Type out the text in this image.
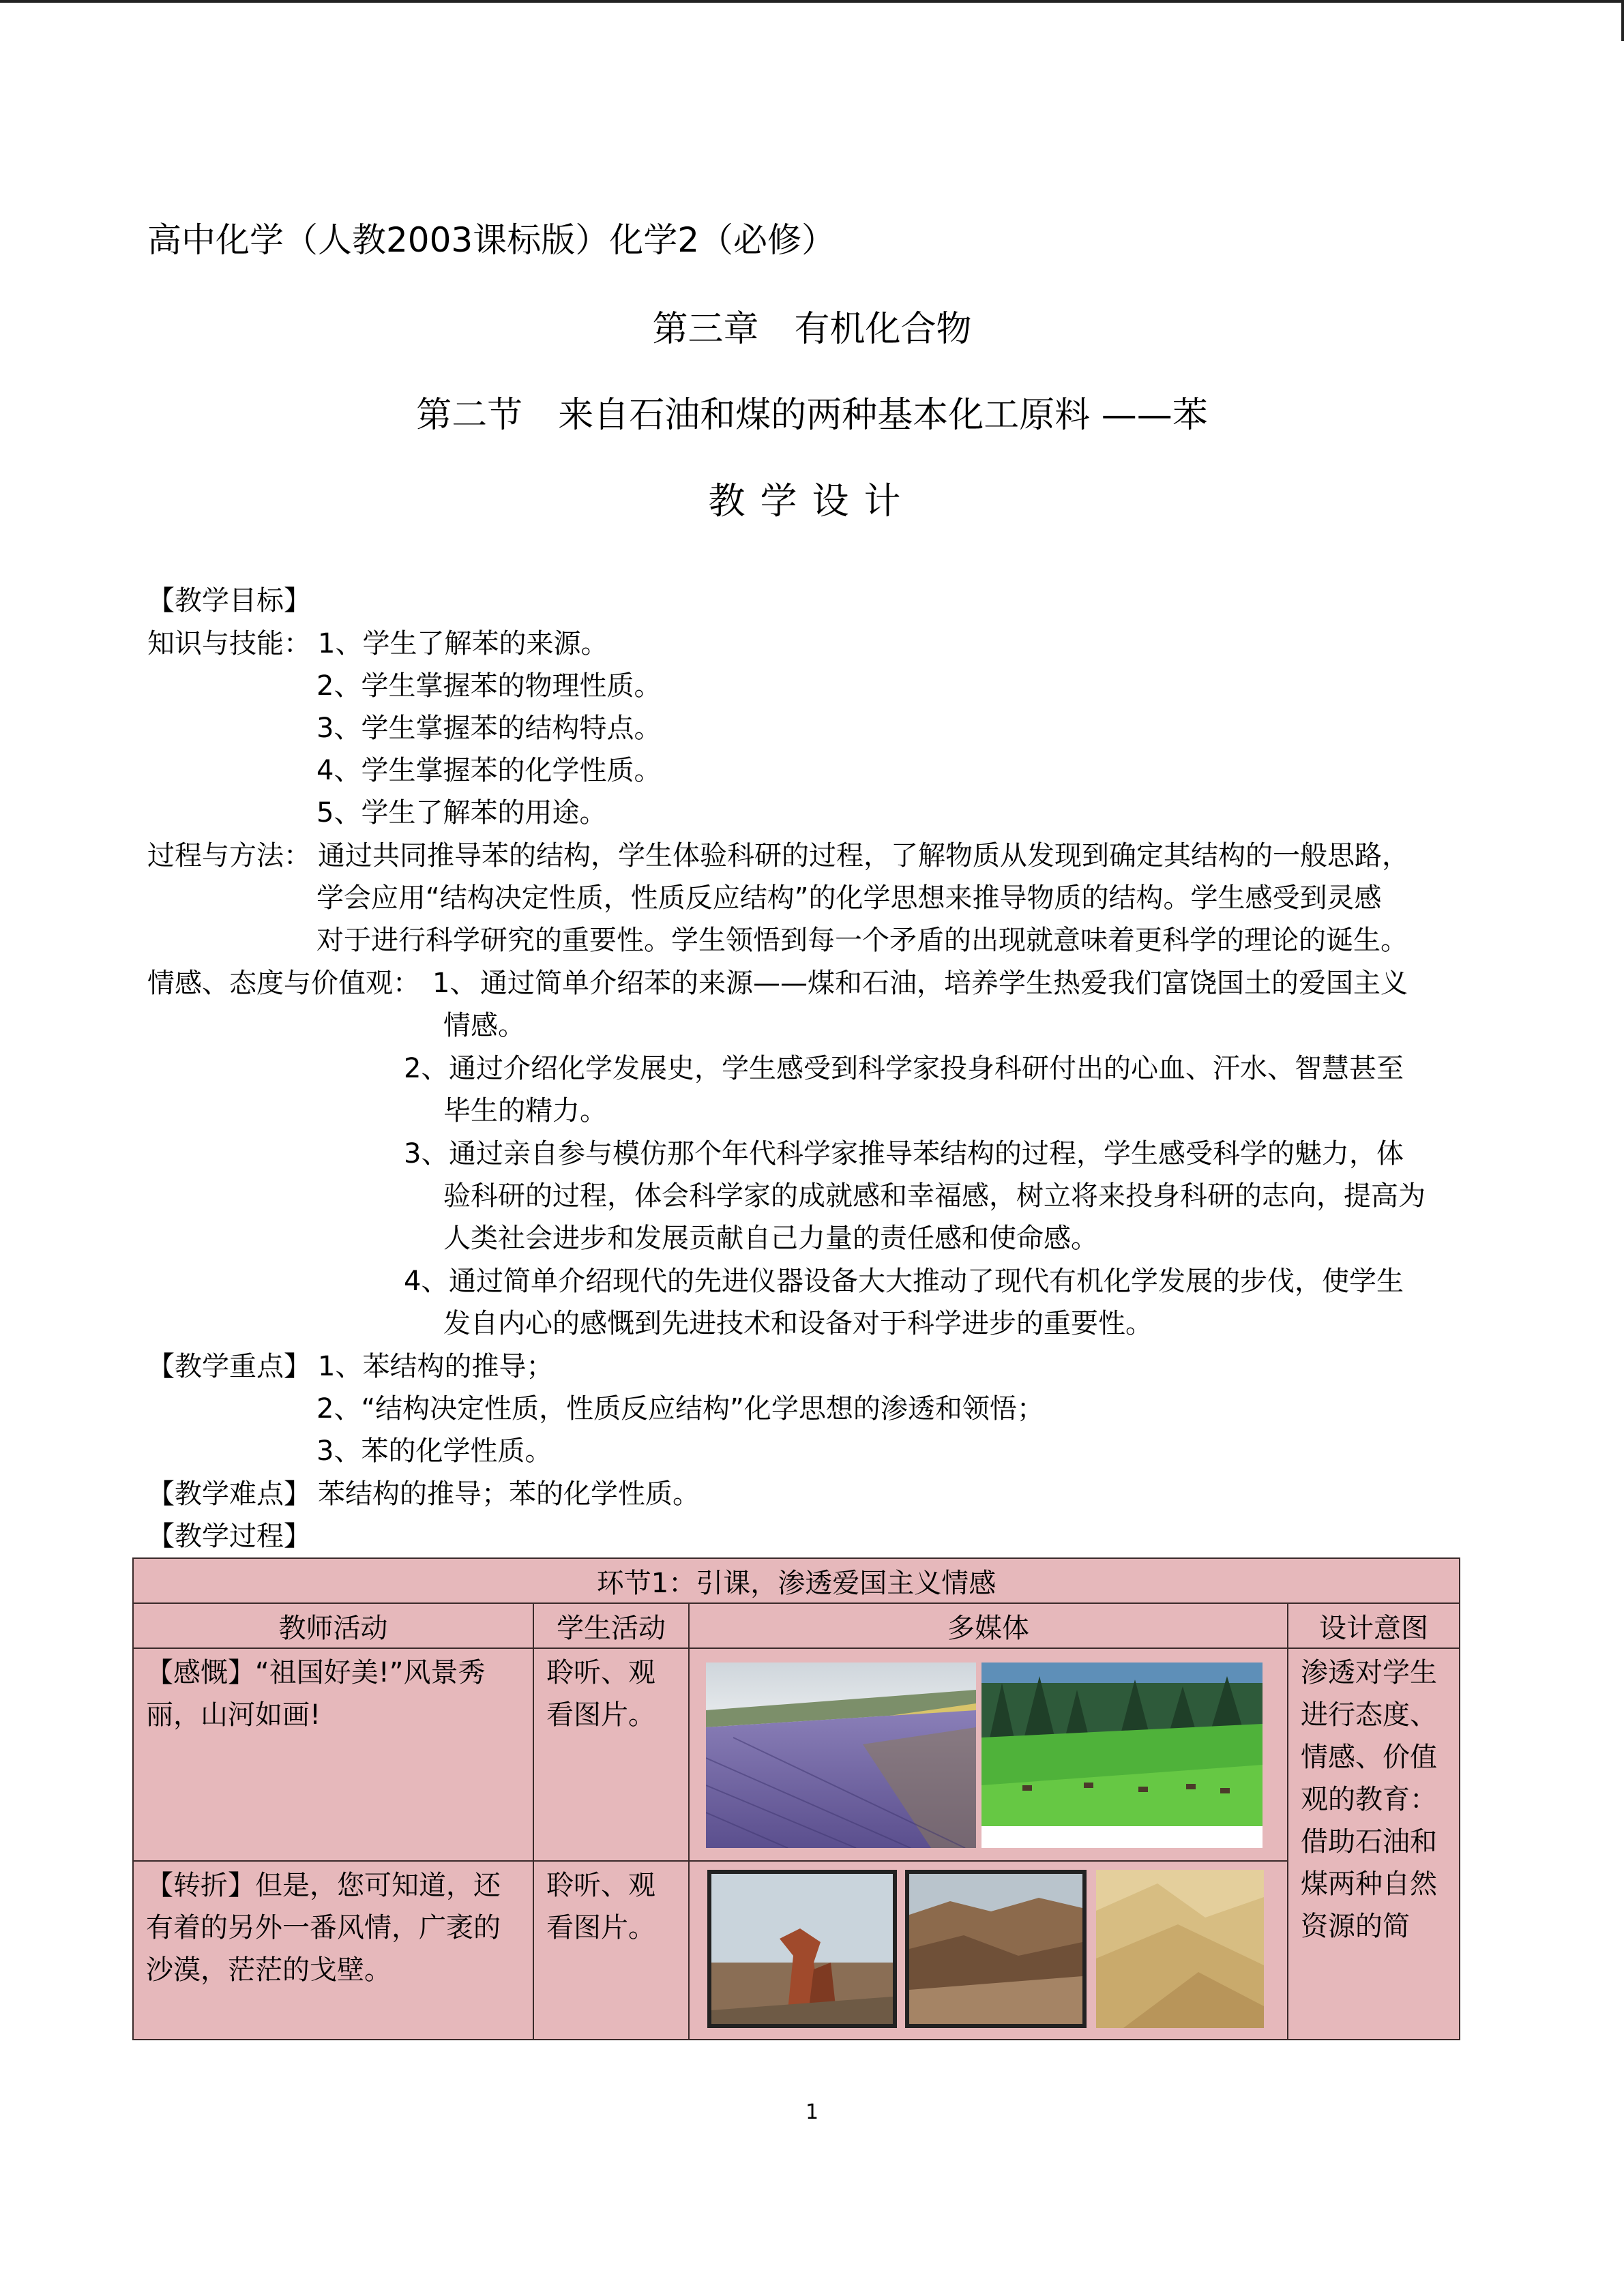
高中化学（人教2003课标版）化学2（必修）
第三章　有机化合物
第二节　来自石油和煤的两种基本化工原料 ——苯
教学设计
【教学目标】
知识与技能： 1、学生了解苯的来源。
2、学生掌握苯的物理性质。
3、学生掌握苯的结构特点。
4、学生掌握苯的化学性质。
5、学生了解苯的用途。
过程与方法： 通过共同推导苯的结构，学生体验科研的过程，了解物质从发现到确定其结构的一般思路，
学会应用“结构决定性质，性质反应结构”的化学思想来推导物质的结构。学生感受到灵感
对于进行科学研究的重要性。学生领悟到每一个矛盾的出现就意味着更科学的理论的诞生。
情感、态度与价值观： 1、 通过简单介绍苯的来源——煤和石油，培养学生热爱我们富饶国土的爱国主义
情感。
2、 通过介绍化学发展史，学生感受到科学家投身科研付出的心血、汗水、智慧甚至
毕生的精力。
3、 通过亲自参与模仿那个年代科学家推导苯结构的过程，学生感受科学的魅力，体
验科研的过程，体会科学家的成就感和幸福感，树立将来投身科研的志向，提高为
人类社会进步和发展贡献自己力量的责任感和使命感。
4、 通过简单介绍现代的先进仪器设备大大推动了现代有机化学发展的步伐，使学生
发自内心的感慨到先进技术和设备对于科学进步的重要性。
【教学重点】 1、苯结构的推导；
2、“结构决定性质，性质反应结构”化学思想的渗透和领悟；
3、苯的化学性质。
【教学难点】 苯结构的推导；苯的化学性质。
【教学过程】
环节1：引课，渗透爱国主义情感			
教师活动	学生活动	多媒体	设计意图

【感慨】“祖国好美!”风景秀丽，山河如画!	聆听、观看图片。		渗透对学生进行态度、情感、价值观的教育：借助石油和煤两种自然资源的简

【转折】但是，您可知道，还有着的另外一番风情，广袤的沙漠，茫茫的戈壁。	聆听、观看图片。

1
